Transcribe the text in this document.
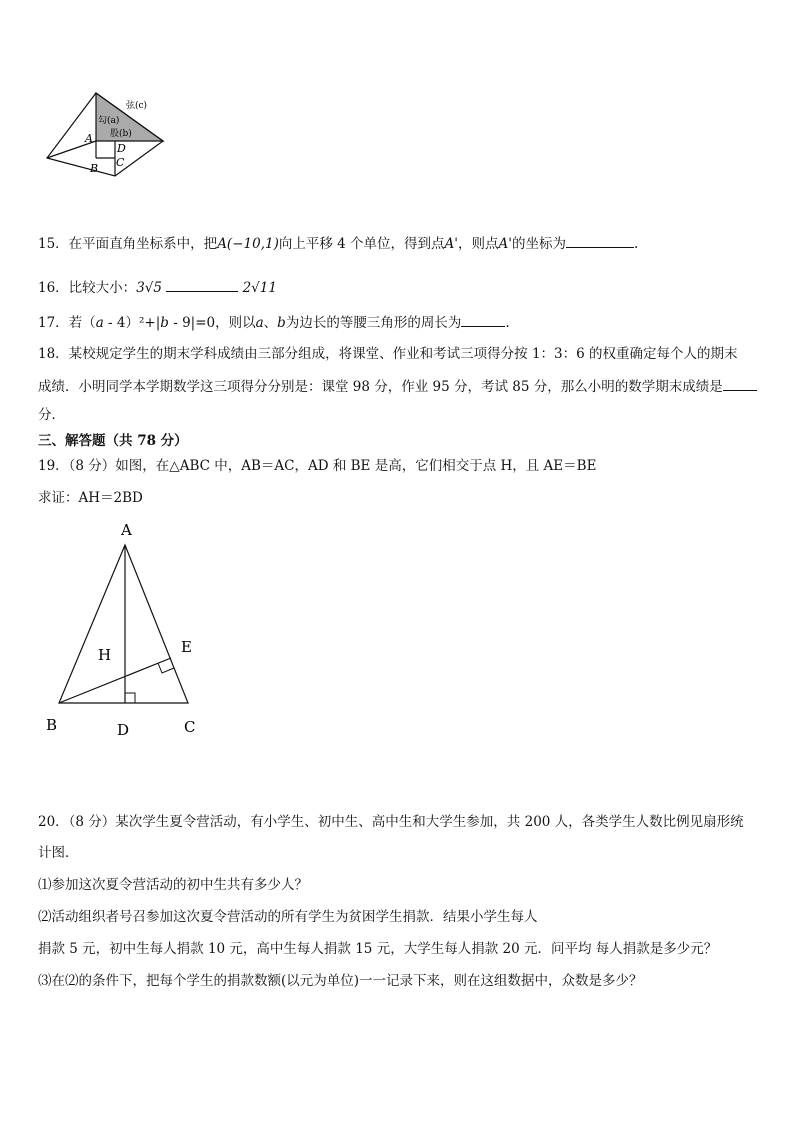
弦(c)
勾(a)
股(b)
A
D
C
B
15．在平面直角坐标系中，把A(−10,1)向上平移 4 个单位，得到点A'，则点A'的坐标为	.
16．比较大小：3√5	2√11
17．若（a - 4）²+|b - 9|=0，则以a、b为边长的等腰三角形的周长为	.
18．某校规定学生的期末学科成绩由三部分组成，将课堂、作业和考试三项得分按 1：3：6 的权重确定每个人的期末
成绩．小明同学本学期数学这三项得分分别是：课堂 98 分，作业 95 分，考试 85 分，那么小明的数学期末成绩是
分．
三、解答题（共 78 分）
19．（8 分）如图，在△ABC 中，AB＝AC，AD 和 BE 是高，它们相交于点 H，且 AE＝BE
求证：AH＝2BD
A
B	C
D
E
H
20．（8 分）某次学生夏令营活动，有小学生、初中生、高中生和大学生参加，共 200 人，各类学生人数比例见扇形统
计图．
⑴参加这次夏令营活动的初中生共有多少人？
⑵活动组织者号召参加这次夏令营活动的所有学生为贫困学生捐款．结果小学生每人
捐款 5 元，初中生每人捐款 10 元，高中生每人捐款 15 元，大学生每人捐款 20 元．问平均 每人捐款是多少元？
⑶在⑵的条件下，把每个学生的捐款数额(以元为单位)一一记录下来，则在这组数据中，众数是多少？
